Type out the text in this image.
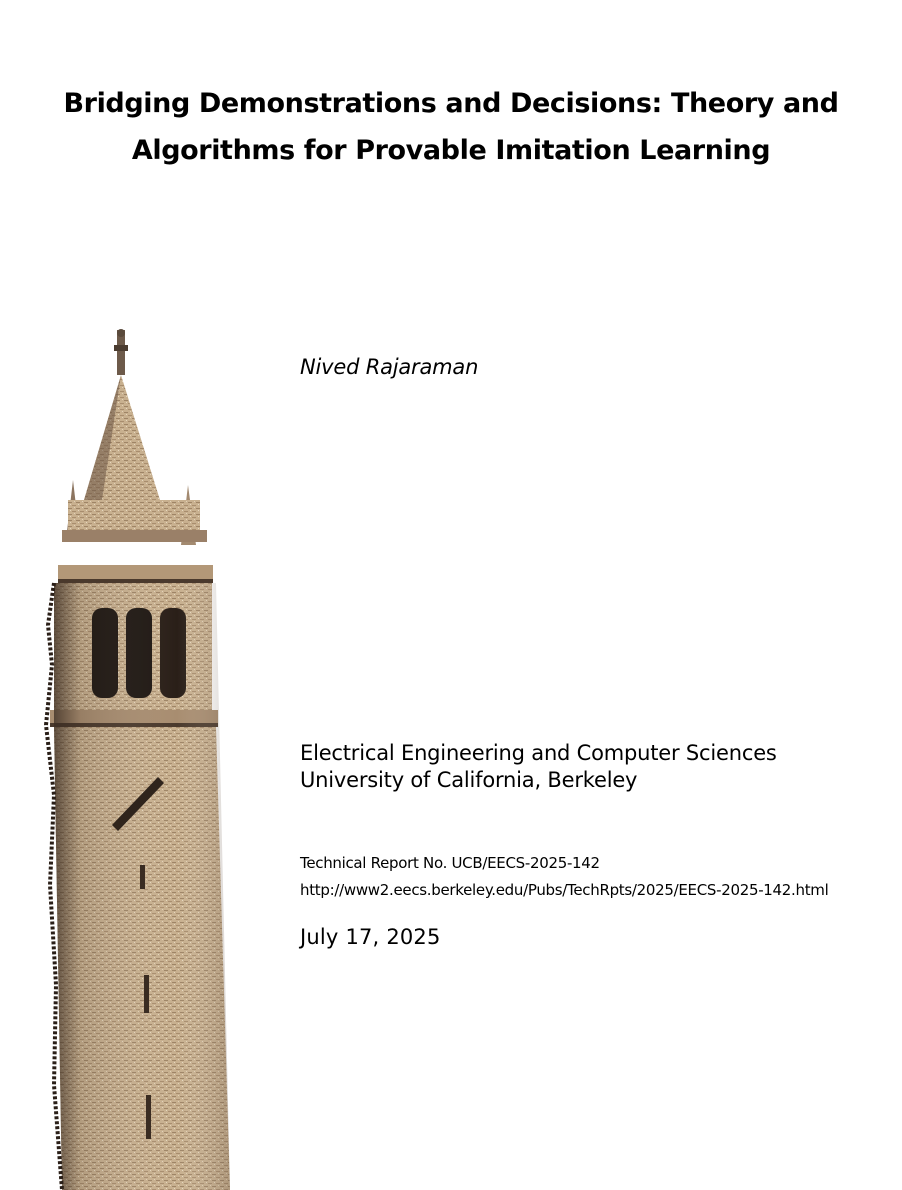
Bridging Demonstrations and Decisions: Theory and
Algorithms for Provable Imitation Learning
Nived Rajaraman
Electrical Engineering and Computer Sciences
University of California, Berkeley
Technical Report No. UCB/EECS-2025-142
http://www2.eecs.berkeley.edu/Pubs/TechRpts/2025/EECS-2025-142.html
July 17, 2025
